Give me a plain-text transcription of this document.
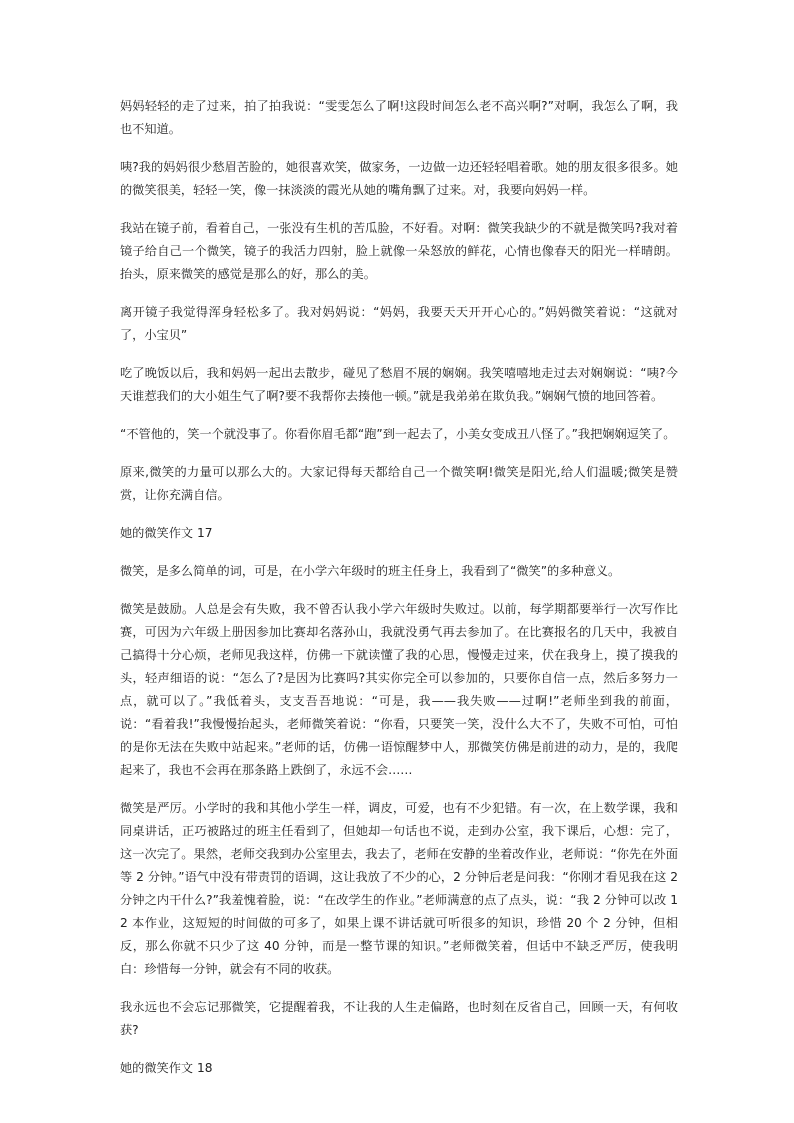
妈妈轻轻的走了过来，拍了拍我说：“雯雯怎么了啊!这段时间怎么老不高兴啊?”对啊，我怎么了啊，我也不知道。

咦?我的妈妈很少愁眉苦脸的，她很喜欢笑，做家务，一边做一边还轻轻唱着歌。她的朋友很多很多。她的微笑很美，轻轻一笑，像一抹淡淡的霞光从她的嘴角飘了过来。对，我要向妈妈一样。

我站在镜子前，看着自己，一张没有生机的苦瓜脸，不好看。对啊：微笑我缺少的不就是微笑吗?我对着镜子给自己一个微笑，镜子的我活力四射，脸上就像一朵怒放的鲜花，心情也像春天的阳光一样晴朗。抬头，原来微笑的感觉是那么的好，那么的美。

离开镜子我觉得浑身轻松多了。我对妈妈说：“妈妈，我要天天开开心心的。”妈妈微笑着说：“这就对了，小宝贝”

吃了晚饭以后，我和妈妈一起出去散步，碰见了愁眉不展的娴娴。我笑嘻嘻地走过去对娴娴说：“咦?今天谁惹我们的大小姐生气了啊?要不我帮你去揍他一顿。”就是我弟弟在欺负我。”娴娴气愤的地回答着。

“不管他的，笑一个就没事了。你看你眉毛都“跑”到一起去了，小美女变成丑八怪了。”我把娴娴逗笑了。

原来,微笑的力量可以那么大的。大家记得每天都给自己一个微笑啊!微笑是阳光,给人们温暖;微笑是赞赏，让你充满自信。

她的微笑作文 17

微笑，是多么简单的词，可是，在小学六年级时的班主任身上，我看到了“微笑”的多种意义。

微笑是鼓励。人总是会有失败，我不曾否认我小学六年级时失败过。以前，每学期都要举行一次写作比赛，可因为六年级上册因参加比赛却名落孙山，我就没勇气再去参加了。在比赛报名的几天中，我被自己搞得十分心烦，老师见我这样，仿佛一下就读懂了我的心思，慢慢走过来，伏在我身上，摸了摸我的头，轻声细语的说：“怎么了?是因为比赛吗?其实你完全可以参加的，只要你自信一点，然后多努力一点，就可以了。”我低着头，支支吾吾地说：“可是，我——我失败——过啊!”老师坐到我的前面，说：“看着我!”我慢慢抬起头，老师微笑着说：“你看，只要笑一笑，没什么大不了，失败不可怕，可怕的是你无法在失败中站起来。”老师的话，仿佛一语惊醒梦中人，那微笑仿佛是前进的动力，是的，我爬起来了，我也不会再在那条路上跌倒了，永远不会……

微笑是严厉。小学时的我和其他小学生一样，调皮，可爱，也有不少犯错。有一次，在上数学课，我和同桌讲话，正巧被路过的班主任看到了，但她却一句话也不说，走到办公室，我下课后，心想：完了，这一次完了。果然，老师交我到办公室里去，我去了，老师在安静的坐着改作业，老师说：“你先在外面等 2 分钟。”语气中没有带责罚的语调，这让我放了不少的心，2 分钟后老是问我：“你刚才看见我在这 2 分钟之内干什么?”我羞愧着脸，说：“在改学生的作业。”老师满意的点了点头，说：“我 2 分钟可以改 12 本作业，这短短的时间做的可多了，如果上课不讲话就可听很多的知识，珍惜 20 个 2 分钟，但相反，那么你就不只少了这 40 分钟，而是一整节课的知识。”老师微笑着，但话中不缺乏严厉，使我明白：珍惜每一分钟，就会有不同的收获。

我永远也不会忘记那微笑，它提醒着我，不让我的人生走偏路，也时刻在反省自己，回顾一天，有何收获?

她的微笑作文 18
